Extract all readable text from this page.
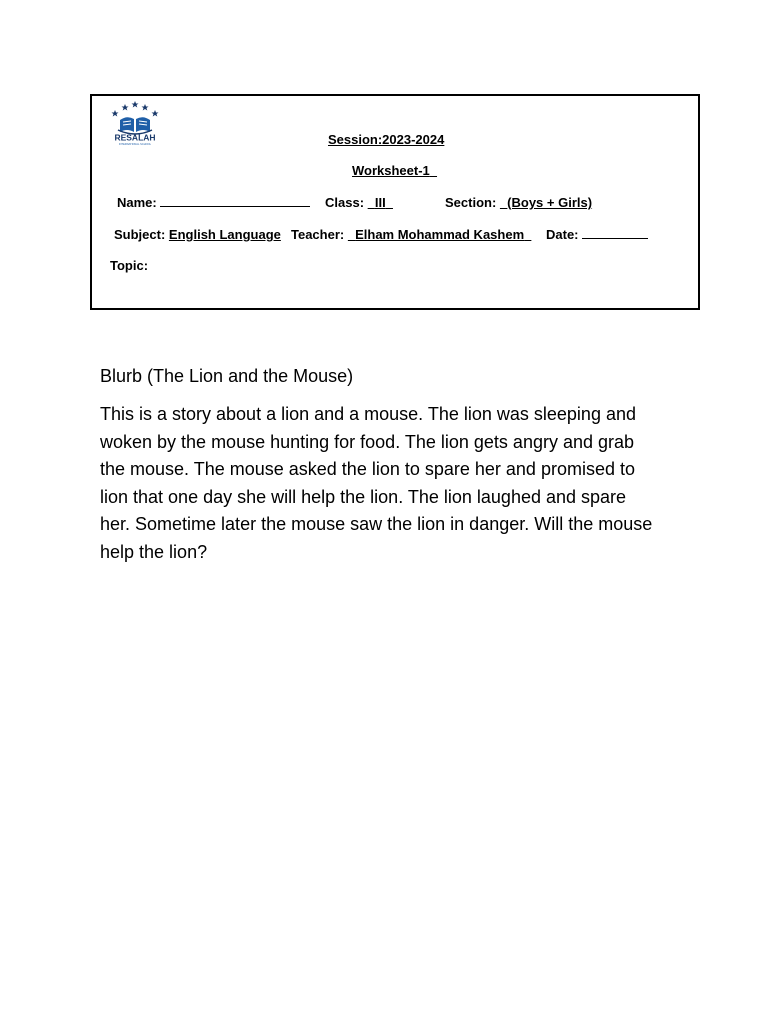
RESALAH
INTERNATIONAL SCHOOL	Session:2023-2024
Worksheet-1
Name:	Class: III	Section: (Boys + Girls)
Subject: English Language Teacher: Elham Mohammad Kashem	Date:
Topic:
Blurb (The Lion and the Mouse)
This is a story about a lion and a mouse. The lion was sleeping and woken by the mouse hunting for food. The lion gets angry and grab the mouse. The mouse asked the lion to spare her and promised to lion that one day she will help the lion. The lion laughed and spare her. Sometime later the mouse saw the lion in danger. Will the mouse help the lion?
